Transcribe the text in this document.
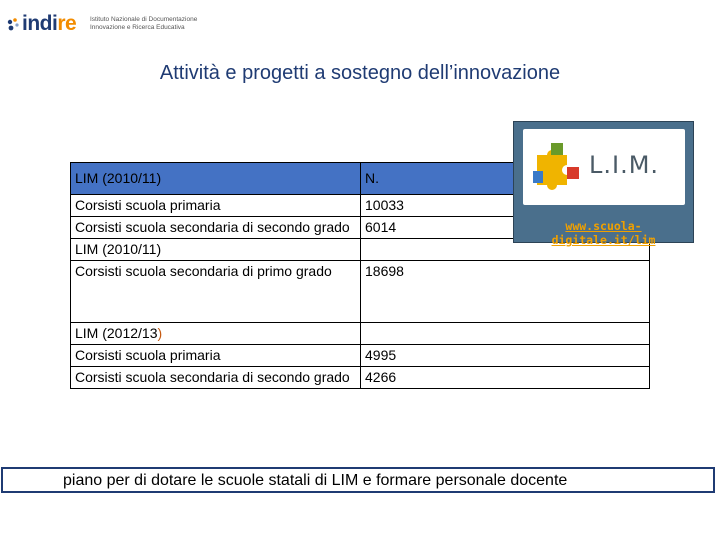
indire Istituto Nazionale di Documentazione
Innovazione e Ricerca Educativa
Attività e progetti a sostegno dell’innovazione
LIM (2010/11)	N.
Corsisti scuola primaria	10033
Corsisti scuola secondaria di secondo grado	6014
LIM (2010/11)	
Corsisti scuola secondaria di primo grado	18698
LIM (2012/13)	
Corsisti scuola primaria	4995
Corsisti scuola secondaria di secondo grado	4266
L.I.M.
www.scuola-digitale.it/lim
piano per di dotare le scuole statali di LIM e formare personale docente
